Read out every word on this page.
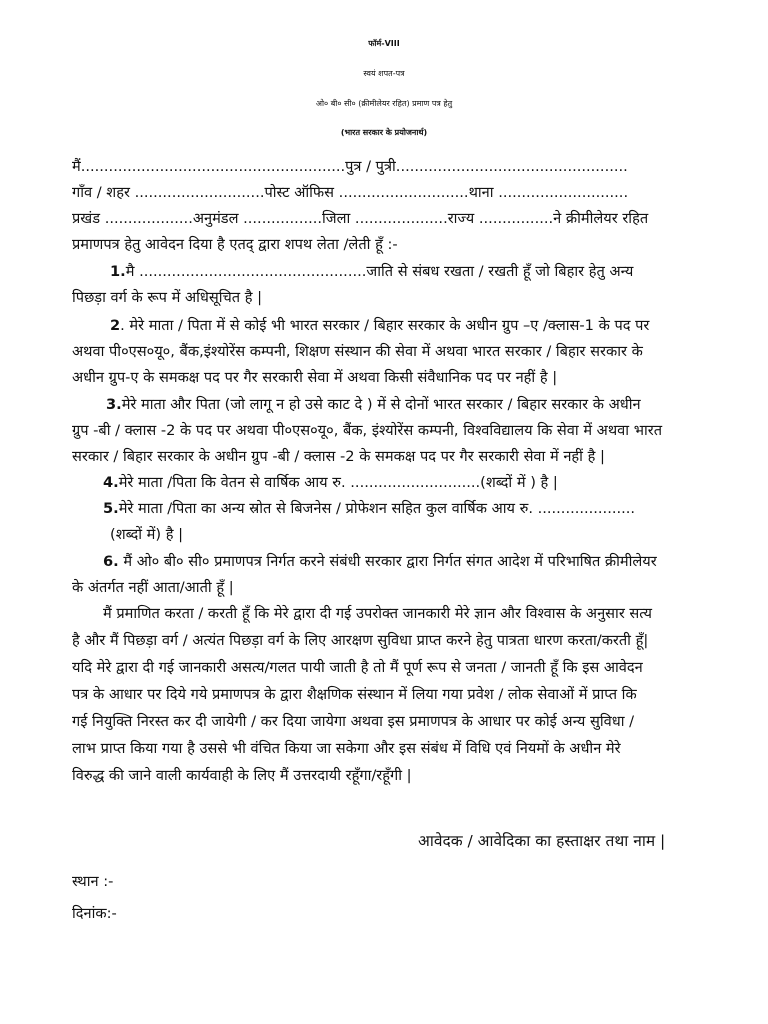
फॉर्म-VIII
स्वयं शपत-पत्र
ओ० बी० सी० (क्रीमीलेयर रहित) प्रमाण पत्र हेतु
(भारत सरकार के प्रयोजनार्थ)
मैं.........................................................पुत्र / पुत्री..................................................
गाँव / शहर ............................पोस्ट ऑफिस ............................थाना ............................
प्रखंड ...................अनुमंडल .................जिला ....................राज्य ................ने क्रीमीलेयर रहित
प्रमाणपत्र हेतु आवेदन दिया है एतद् द्वारा शपथ लेता /लेती हूँ :-
1.मै .................................................जाति से संबध रखता / रखती हूँ जो बिहार हेतु अन्य
पिछड़ा वर्ग के रूप में अधिसूचित है |
2. मेरे माता / पिता में से कोई भी भारत सरकार / बिहार सरकार के अधीन ग्रुप –ए /क्लास-1 के पद पर
अथवा पी०एस०यू०, बैंक,इंश्योरेंस कम्पनी, शिक्षण संस्थान की सेवा में अथवा भारत सरकार / बिहार सरकार के
अधीन ग्रुप-ए के समकक्ष पद पर गैर सरकारी सेवा में अथवा किसी संवैधानिक पद पर नहीं है |
3.मेरे माता और पिता (जो लागू न हो उसे काट दे ) में से दोनों भारत सरकार / बिहार सरकार के अधीन
ग्रुप -बी / क्लास -2 के पद पर अथवा पी०एस०यू०, बैंक, इंश्योरेंस कम्पनी, विश्वविद्यालय कि सेवा में अथवा भारत
सरकार / बिहार सरकार के अधीन ग्रुप -बी / क्लास -2 के समकक्ष पद पर गैर सरकारी सेवा में नहीं है |
4.मेरे माता /पिता कि वेतन से वार्षिक आय रु. ............................(शब्दों में ) है |
5.मेरे माता /पिता का अन्य स्रोत से बिजनेस / प्रोफेशन सहित कुल वार्षिक आय रु. .....................
(शब्दों में) है |
6. मैं ओ० बी० सी० प्रमाणपत्र निर्गत करने संबंधी सरकार द्वारा निर्गत संगत आदेश में परिभाषित क्रीमीलेयर
के अंतर्गत नहीं आता/आती हूँ |
मैं प्रमाणित करता / करती हूँ कि मेरे द्वारा दी गई उपरोक्त जानकारी मेरे ज्ञान और विश्वास के अनुसार सत्य
है और मैं पिछड़ा वर्ग / अत्यंत पिछड़ा वर्ग के लिए आरक्षण सुविधा प्राप्त करने हेतु पात्रता धारण करता/करती हूँ|
यदि मेरे द्वारा दी गई जानकारी असत्य/गलत पायी जाती है तो मैं पूर्ण रूप से जनता / जानती हूँ कि इस आवेदन
पत्र के आधार पर दिये गये प्रमाणपत्र के द्वारा शैक्षणिक संस्थान में लिया गया प्रवेश / लोक सेवाओं में प्राप्त कि
गई नियुक्ति निरस्त कर दी जायेगी / कर दिया जायेगा अथवा इस प्रमाणपत्र के आधार पर कोई अन्य सुविधा /
लाभ प्राप्त किया गया है उससे भी वंचित किया जा सकेगा और इस संबंध में विधि एवं नियमों के अधीन मेरे
विरुद्ध की जाने वाली कार्यवाही के लिए मैं उत्तरदायी रहूँगा/रहूँगी |
आवेदक / आवेदिका का हस्ताक्षर तथा नाम |
स्थान :-
दिनांक:-
